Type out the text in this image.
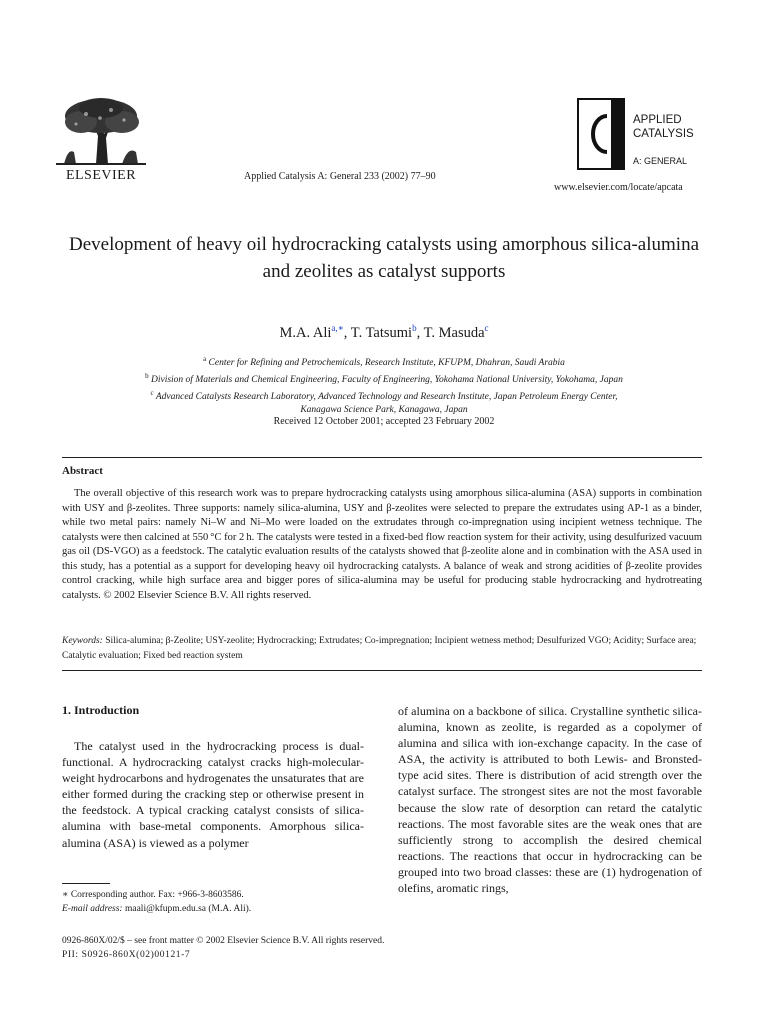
ELSEVIER	Applied Catalysis A: General 233 (2002) 77–90
APPLIED
CATALYSIS
A: GENERAL
www.elsevier.com/locate/apcata
Development of heavy oil hydrocracking catalysts using amorphous silica-alumina and zeolites as catalyst supports
M.A. Ali$^{a,∗}$, T. Tatsumi$^b$, T. Masuda$^c$
$^a$ Center for Refining and Petrochemicals, Research Institute, KFUPM, Dhahran, Saudi Arabia
$^b$ Division of Materials and Chemical Engineering, Faculty of Engineering, Yokohama National University, Yokohama, Japan
$^c$ Advanced Catalysts Research Laboratory, Advanced Technology and Research Institute, Japan Petroleum Energy Center,
Kanagawa Science Park, Kanagawa, Japan
Received 12 October 2001; accepted 23 February 2002
Abstract

The overall objective of this research work was to prepare hydrocracking catalysts using amorphous silica-alumina (ASA) supports in combination with USY and β-zeolites. Three supports: namely silica-alumina, USY and β-zeolites were selected to prepare the extrudates using AP-1 as a binder, while two metal pairs: namely Ni–W and Ni–Mo were loaded on the extrudates through co-impregnation using incipient wetness technique. The catalysts were then calcined at 550 °C for 2 h. The catalysts were tested in a fixed-bed flow reaction system for their activity, using desulfurized vacuum gas oil (DS-VGO) as a feedstock. The catalytic evaluation results of the catalysts showed that β-zeolite alone and in combination with the ASA used in this study, has a potential as a support for developing heavy oil hydrocracking catalysts. A balance of weak and strong acidities of β-zeolite provides control cracking, while high surface area and bigger pores of silica-alumina may be useful for producing stable hydrocracking and hydrotreating catalysts. © 2002 Elsevier Science B.V. All rights reserved.

Keywords: Silica-alumina; β-Zeolite; USY-zeolite; Hydrocracking; Extrudates; Co-impregnation; Incipient wetness method; Desulfurized VGO; Acidity; Surface area; Catalytic evaluation; Fixed bed reaction system

1. Introduction

The catalyst used in the hydrocracking process is dual-functional. A hydrocracking catalyst cracks high-molecular-weight hydrocarbons and hydrogenates the unsaturates that are either formed during the cracking step or otherwise present in the feedstock. A typical cracking catalyst consists of silica-alumina with base-metal components. Amorphous silica-alumina (ASA) is viewed as a polymer

of alumina on a backbone of silica. Crystalline synthetic silica-alumina, known as zeolite, is regarded as a copolymer of alumina and silica with ion-exchange capacity. In the case of ASA, the activity is attributed to both Lewis- and Bronsted-type acid sites. There is distribution of acid strength over the catalyst surface. The strongest sites are not the most favorable because the slow rate of desorption can retard the catalytic reactions. The most favorable sites are the weak ones that are sufficiently strong to accomplish the desired chemical reactions. The reactions that occur in hydrocracking can be grouped into two broad classes: these are (1) hydrogenation of olefins, aromatic rings,

∗ Corresponding author. Fax: +966-3-8603586.
E-mail address: maali@kfupm.edu.sa (M.A. Ali).
0926-860X/02/$ – see front matter © 2002 Elsevier Science B.V. All rights reserved.
PII: S0926-860X(02)00121-7
